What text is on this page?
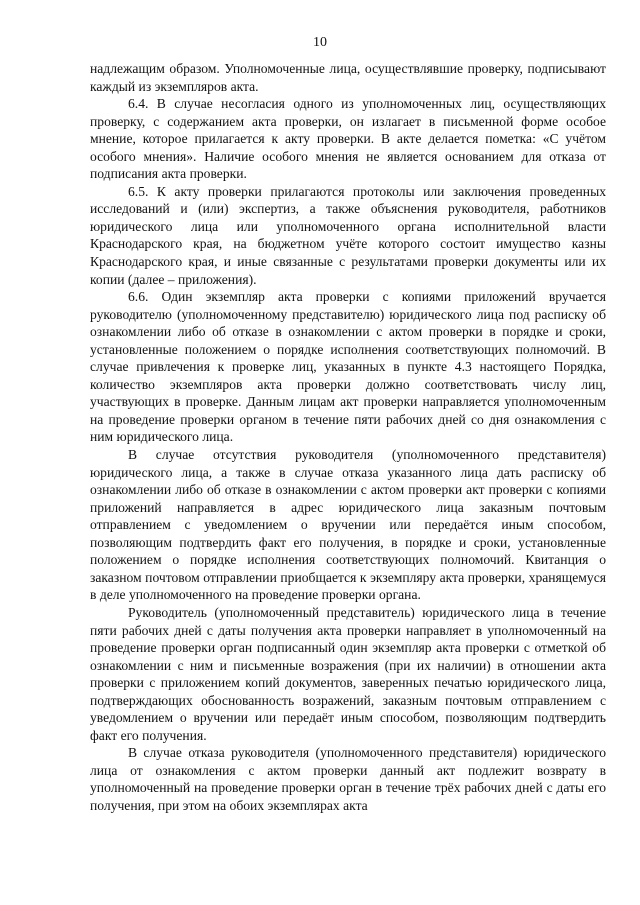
10

надлежащим образом. Уполномоченные лица, осуществлявшие проверку, подписывают каждый из экземпляров акта.

6.4. В случае несогласия одного из уполномоченных лиц, осуществляющих проверку, с содержанием акта проверки, он излагает в письменной форме особое мнение, которое прилагается к акту проверки. В акте делается пометка: «С учётом особого мнения». Наличие особого мнения не является основанием для отказа от подписания акта проверки.

6.5. К акту проверки прилагаются протоколы или заключения проведенных исследований и (или) экспертиз, а также объяснения руководителя, работников юридического лица или уполномоченного органа исполнительной власти Краснодарского края, на бюджетном учёте которого состоит имущество казны Краснодарского края, и иные связанные с результатами проверки документы или их копии (далее – приложения).

6.6. Один экземпляр акта проверки с копиями приложений вручается руководителю (уполномоченному представителю) юридического лица под расписку об ознакомлении либо об отказе в ознакомлении с актом проверки в порядке и сроки, установленные положением о порядке исполнения соответствующих полномочий. В случае привлечения к проверке лиц, указанных в пункте 4.3 настоящего Порядка, количество экземпляров акта проверки должно соответствовать числу лиц, участвующих в проверке. Данным лицам акт проверки направляется уполномоченным на проведение проверки органом в течение пяти рабочих дней со дня ознакомления с ним юридического лица.

В случае отсутствия руководителя (уполномоченного представителя) юридического лица, а также в случае отказа указанного лица дать расписку об ознакомлении либо об отказе в ознакомлении с актом проверки акт проверки с копиями приложений направляется в адрес юридического лица заказным почтовым отправлением с уведомлением о вручении или передаётся иным способом, позволяющим подтвердить факт его получения, в порядке и сроки, установленные положением о порядке исполнения соответствующих полномочий. Квитанция о заказном почтовом отправлении приобщается к экземпляру акта проверки, хранящемуся в деле уполномоченного на проведение проверки органа.

Руководитель (уполномоченный представитель) юридического лица в течение пяти рабочих дней с даты получения акта проверки направляет в уполномоченный на проведение проверки орган подписанный один экземпляр акта проверки с отметкой об ознакомлении с ним и письменные возражения (при их наличии) в отношении акта проверки с приложением копий документов, заверенных печатью юридического лица, подтверждающих обоснованность возражений, заказным почтовым отправлением с уведомлением о вручении или передаёт иным способом, позволяющим подтвердить факт его получения.

В случае отказа руководителя (уполномоченного представителя) юридического лица от ознакомления с актом проверки данный акт подлежит возврату в уполномоченный на проведение проверки орган в течение трёх рабочих дней с даты его получения, при этом на обоих экземплярах акта
